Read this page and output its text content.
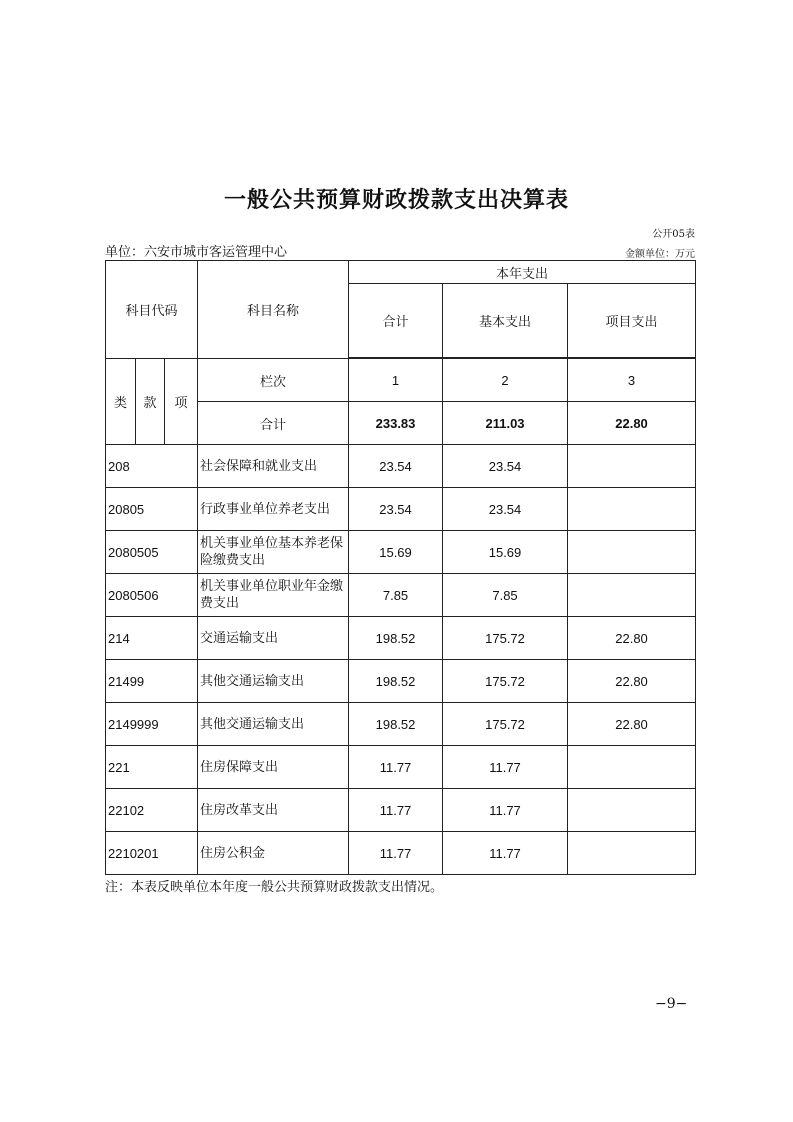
一般公共预算财政拨款支出决算表
公开05表
单位：六安市城市客运管理中心	金额单位：万元
科目代码			科目名称	本年支出		
				合计	基本支出	项目支出

类	款	项	栏次	1	2	3
			合计	233.83	211.03	22.80
208			社会保障和就业支出	23.54	23.54	
20805			行政事业单位养老支出	23.54	23.54	
2080505			机关事业单位基本养老保险缴费支出	15.69	15.69	
2080506			机关事业单位职业年金缴费支出	7.85	7.85	
214			交通运输支出	198.52	175.72	22.80
21499			其他交通运输支出	198.52	175.72	22.80
2149999			其他交通运输支出	198.52	175.72	22.80
221			住房保障支出	11.77	11.77	
22102			住房改革支出	11.77	11.77	
2210201			住房公积金	11.77	11.77	
注：本表反映单位本年度一般公共预算财政拨款支出情况。
−9−
